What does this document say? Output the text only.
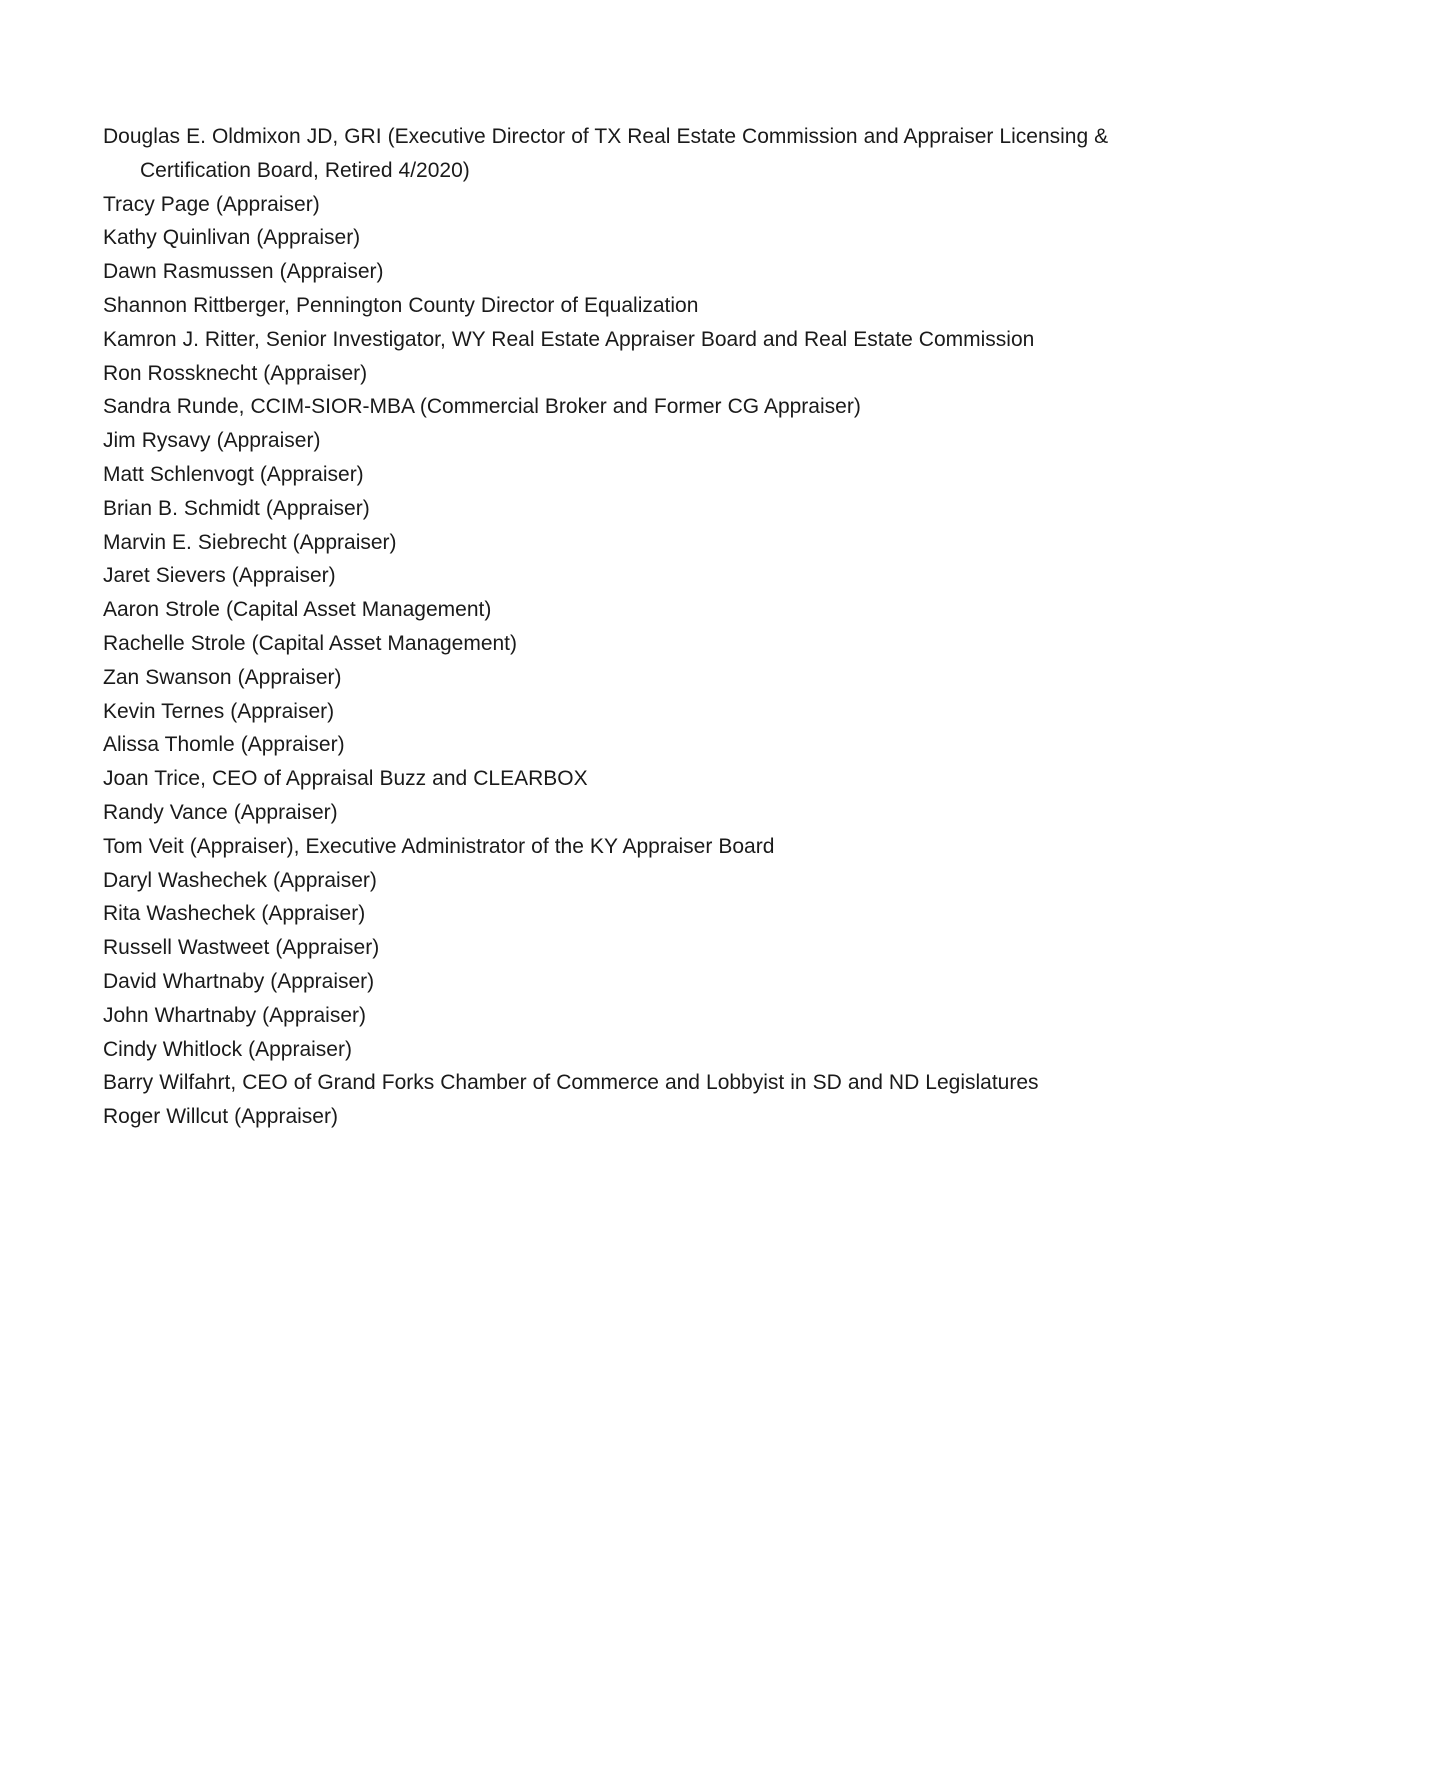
Douglas E. Oldmixon JD, GRI (Executive Director of TX Real Estate Commission and Appraiser Licensing & Certification Board, Retired 4/2020)
Tracy Page (Appraiser)
Kathy Quinlivan (Appraiser)
Dawn Rasmussen (Appraiser)
Shannon Rittberger, Pennington County Director of Equalization
Kamron J. Ritter, Senior Investigator, WY Real Estate Appraiser Board and Real Estate Commission
Ron Rossknecht (Appraiser)
Sandra Runde, CCIM-SIOR-MBA (Commercial Broker and Former CG Appraiser)
Jim Rysavy (Appraiser)
Matt Schlenvogt (Appraiser)
Brian B. Schmidt (Appraiser)
Marvin E. Siebrecht (Appraiser)
Jaret Sievers (Appraiser)
Aaron Strole (Capital Asset Management)
Rachelle Strole (Capital Asset Management)
Zan Swanson (Appraiser)
Kevin Ternes (Appraiser)
Alissa Thomle (Appraiser)
Joan Trice, CEO of Appraisal Buzz and CLEARBOX
Randy Vance (Appraiser)
Tom Veit (Appraiser), Executive Administrator of the KY Appraiser Board
Daryl Washechek (Appraiser)
Rita Washechek (Appraiser)
Russell Wastweet (Appraiser)
David Whartnaby (Appraiser)
John Whartnaby (Appraiser)
Cindy Whitlock (Appraiser)
Barry Wilfahrt, CEO of Grand Forks Chamber of Commerce and Lobbyist in SD and ND Legislatures
Roger Willcut (Appraiser)
